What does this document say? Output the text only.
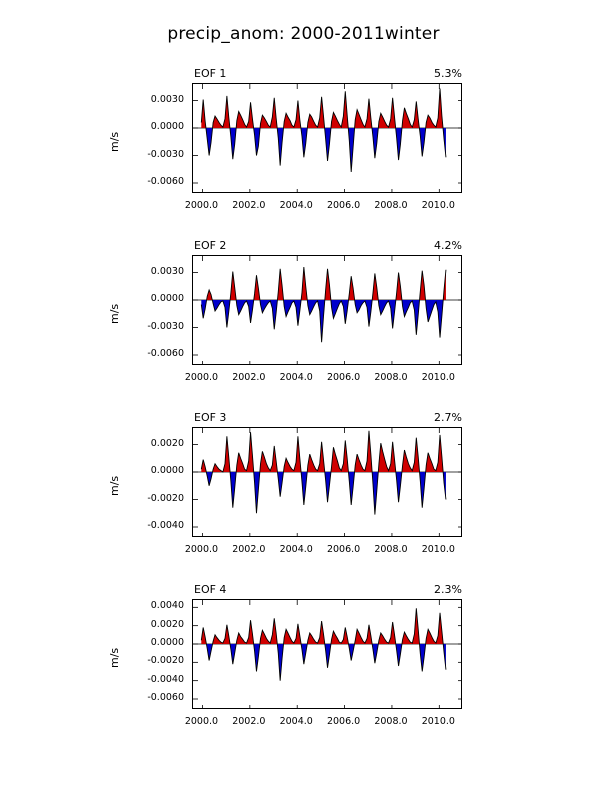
precip_anom: 2000-2011winter
EOF 1	5.3%
m/s
-0.0060
-0.0030
0.0000
0.0030
2000.0	2002.0	2004.0	2006.0	2008.0	2010.0
EOF 2	4.2%
m/s
-0.0060
-0.0030
0.0000
0.0030
2000.0	2002.0	2004.0	2006.0	2008.0	2010.0
EOF 3	2.7%
m/s
-0.0040
-0.0020
0.0000
0.0020
2000.0	2002.0	2004.0	2006.0	2008.0	2010.0
EOF 4	2.3%
m/s
-0.0060
-0.0040
-0.0020
0.0000
0.0020
0.0040
2000.0	2002.0	2004.0	2006.0	2008.0	2010.0
